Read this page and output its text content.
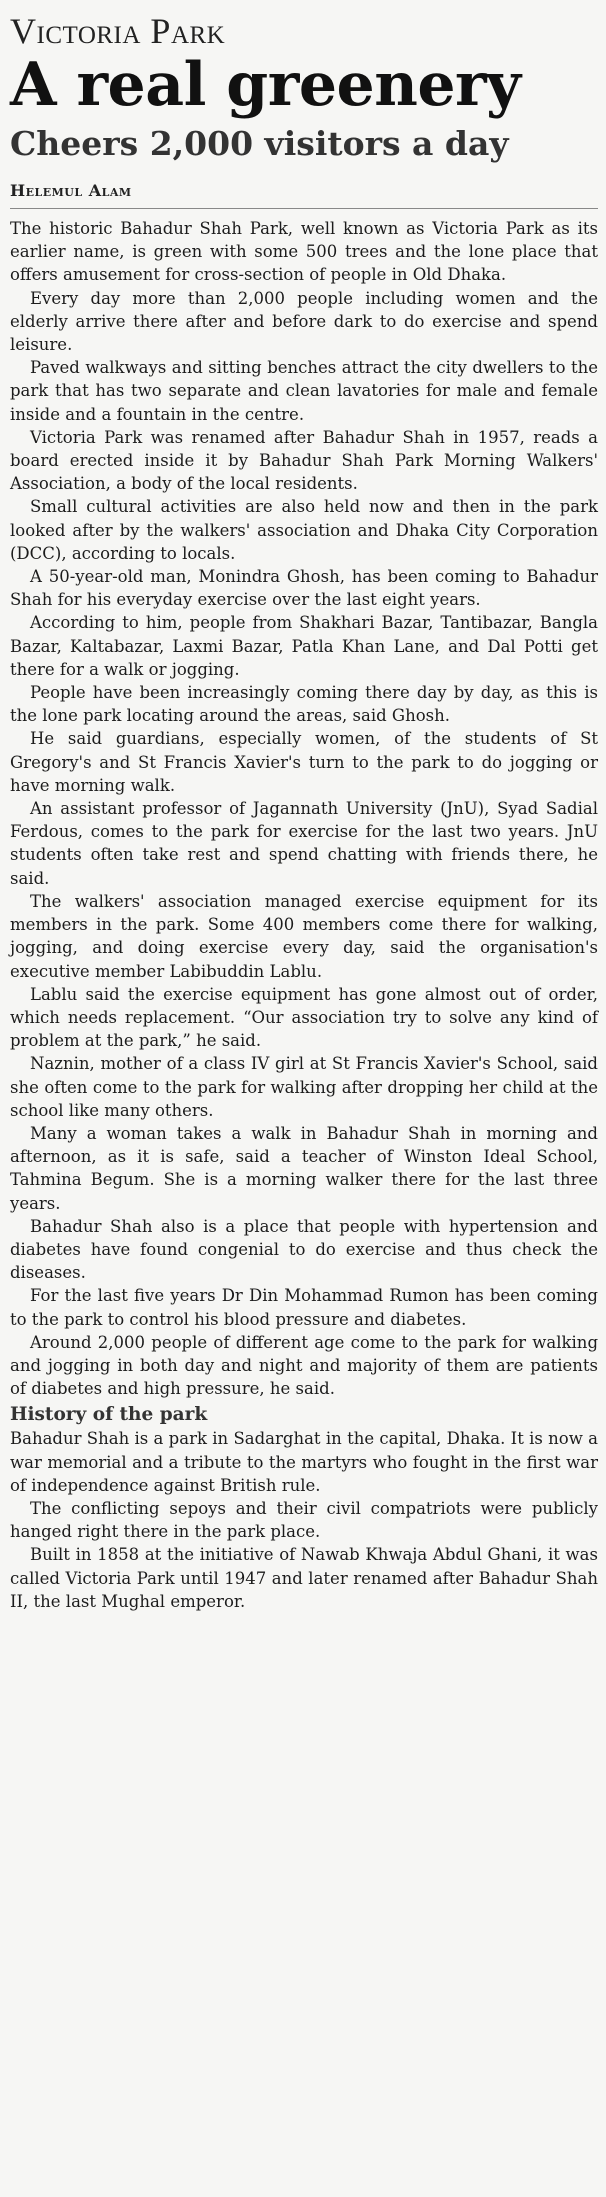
Victoria Park
A real greenery
Cheers 2,000 visitors a day
Helemul Alam

The historic Bahadur Shah Park, well known as Victoria Park as its earlier name, is green with some 500 trees and the lone place that offers amusement for cross-section of people in Old Dhaka.

Every day more than 2,000 people including women and the elderly arrive there after and before dark to do exercise and spend leisure.

Paved walkways and sitting benches attract the city dwellers to the park that has two separate and clean lavatories for male and female inside and a fountain in the centre.

Victoria Park was renamed after Bahadur Shah in 1957, reads a board erected inside it by Bahadur Shah Park Morning Walkers' Association, a body of the local residents.

Small cultural activities are also held now and then in the park looked after by the walkers' association and Dhaka City Corporation (DCC), according to locals.

A 50-year-old man, Monindra Ghosh, has been coming to Bahadur Shah for his everyday exercise over the last eight years.

According to him, people from Shakhari Bazar, Tantibazar, Bangla Bazar, Kaltabazar, Laxmi Bazar, Patla Khan Lane, and Dal Potti get there for a walk or jogging.

People have been increasingly coming there day by day, as this is the lone park locating around the areas, said Ghosh.

He said guardians, especially women, of the students of St Gregory's and St Francis Xavier's turn to the park to do jogging or have morning walk.

An assistant professor of Jagannath University (JnU), Syad Sadial Ferdous, comes to the park for exercise for the last two years. JnU students often take rest and spend chatting with friends there, he said.

The walkers' association managed exercise equipment for its members in the park. Some 400 members come there for walking, jogging, and doing exercise every day, said the organisation's executive member Labibuddin Lablu.

Lablu said the exercise equipment has gone almost out of order, which needs replacement. “Our association try to solve any kind of problem at the park,” he said.

Naznin, mother of a class IV girl at St Francis Xavier's School, said she often come to the park for walking after dropping her child at the school like many others.

Many a woman takes a walk in Bahadur Shah in morning and afternoon, as it is safe, said a teacher of Winston Ideal School, Tahmina Begum. She is a morning walker there for the last three years.

Bahadur Shah also is a place that people with hypertension and diabetes have found congenial to do exercise and thus check the diseases.

For the last five years Dr Din Mohammad Rumon has been coming to the park to control his blood pressure and diabetes.

Around 2,000 people of different age come to the park for walking and jogging in both day and night and majority of them are patients of diabetes and high pressure, he said.

History of the park

Bahadur Shah is a park in Sadarghat in the capital, Dhaka. It is now a war memorial and a tribute to the martyrs who fought in the first war of independence against British rule.

The conflicting sepoys and their civil compatriots were publicly hanged right there in the park place.

Built in 1858 at the initiative of Nawab Khwaja Abdul Ghani, it was called Victoria Park until 1947 and later renamed after Bahadur Shah II, the last Mughal emperor.
